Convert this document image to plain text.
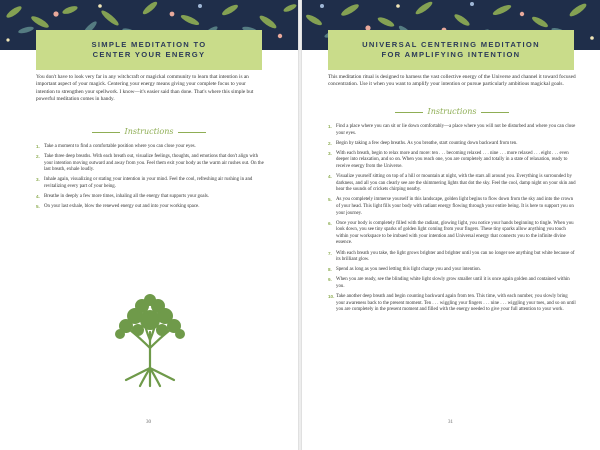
SIMPLE MEDITATION TO
CENTER YOUR ENERGY
You don't have to look very far in any witchcraft or magickal community to learn that intention is an important aspect of your magick. Centering your energy means giving your complete focus to your intention to strengthen your spellwork. I know—it's easier said than done. That's where this simple but powerful meditation comes in handy.
Instructions
1. Take a moment to find a comfortable position where you can close your eyes.
2. Take three deep breaths. With each breath out, visualize feelings, thoughts, and emotions that don't align with your intention moving outward and away from you. Feel them exit your body as the warm air rushes out. On the last breath, exhale loudly.
3. Inhale again, visualizing or stating your intention in your mind. Feel the cool, refreshing air rushing in and revitalizing every part of your being.
4. Breathe in deeply a few more times, inhaling all the energy that supports your goals.
5. On your last exhale, blow the renewed energy out and into your working space.
30
UNIVERSAL CENTERING MEDITATION
FOR AMPLIFYING INTENTION
This meditation ritual is designed to harness the vast collective energy of the Universe and channel it toward focused concentration. Use it when you want to amplify your intention or pursue particularly ambitious magickal goals.
Instructions
1. Find a place where you can sit or lie down comfortably—a place where you will not be disturbed and where you can close your eyes.
2. Begin by taking a few deep breaths. As you breathe, start counting down backward from ten.
3. With each breath, begin to relax more and more: ten . . . becoming relaxed . . . nine . . . more relaxed . . . eight . . . even deeper into relaxation, and so on. When you reach one, you are completely and totally in a state of relaxation, ready to receive energy from the Universe.
4. Visualize yourself sitting on top of a hill or mountain at night, with the stars all around you. Everything is surrounded by darkness, and all you can clearly see are the shimmering lights that dot the sky. Feel the cool, damp night on your skin and hear the sounds of crickets chirping nearby.
5. As you completely immerse yourself in this landscape, golden light begins to flow down from the sky and into the crown of your head. This light fills your body with radiant energy flowing through your entire being. It is here to support you on your journey.
6. Once your body is completely filled with the radiant, glowing light, you notice your hands beginning to tingle. When you look down, you see tiny sparks of golden light coming from your fingers. These tiny sparks allow anything you touch within your workspace to be imbued with your intention and Universal energy that connects you to the infinite divine essence.
7. With each breath you take, the light grows brighter and brighter until you can no longer see anything but white because of its brilliant glow.
8. Spend as long as you need letting this light charge you and your intention.
9. When you are ready, see the blinding white light slowly grow smaller until it is once again golden and contained within you.
10. Take another deep breath and begin counting backward again from ten. This time, with each number, you slowly bring your awareness back to the present moment. Ten . . . wiggling your fingers . . . nine . . . wiggling your toes, and so on until you are completely in the present moment and filled with the energy needed to give your full attention to your work.
31
